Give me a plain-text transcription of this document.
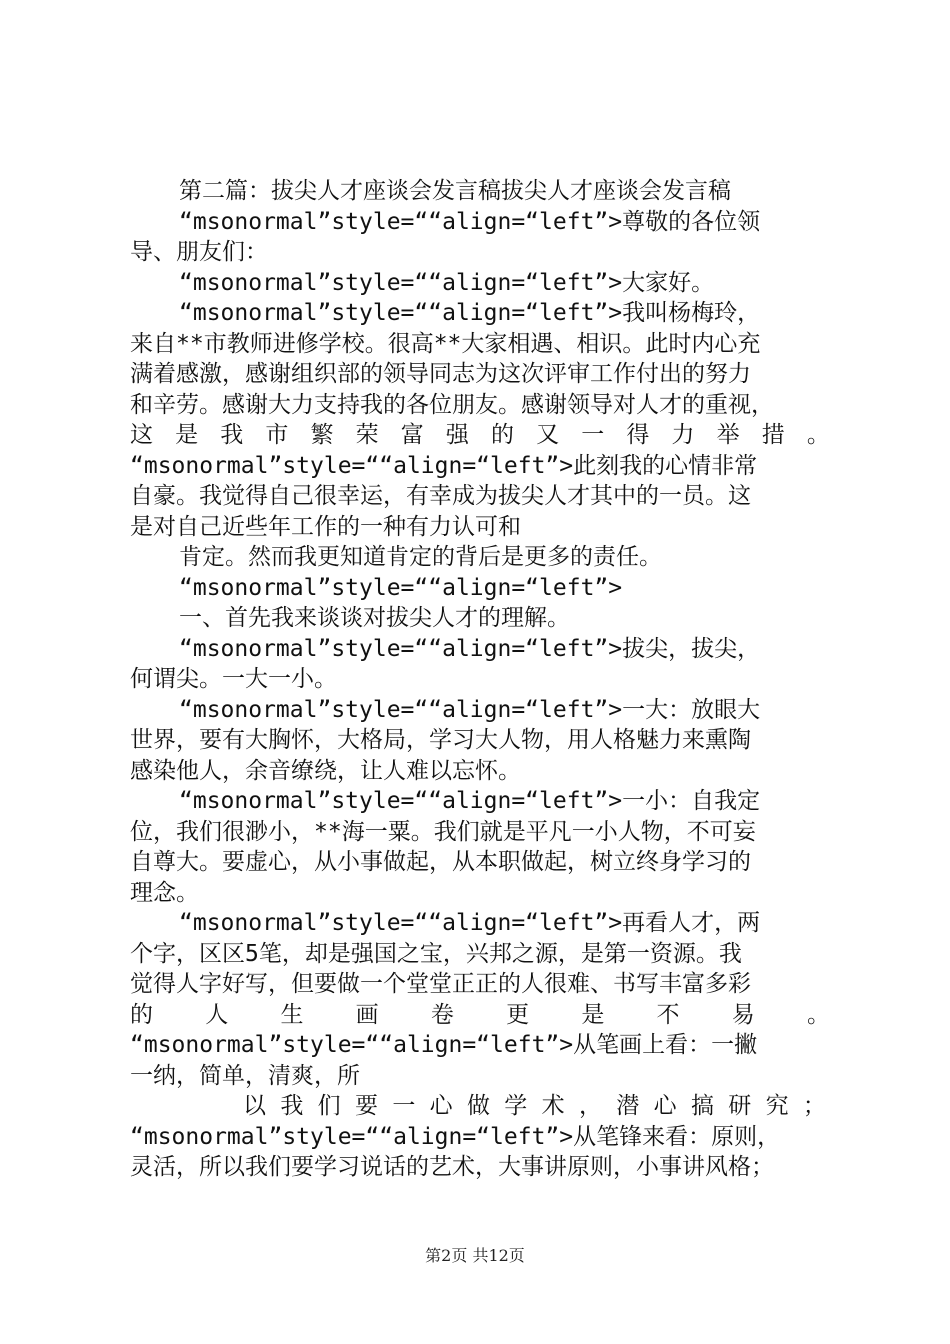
第二篇：拔尖人才座谈会发言稿拔尖人才座谈会发言稿
“msonormal”style=““align=“left”>尊敬的各位领
导、朋友们：
“msonormal”style=““align=“left”>大家好。
“msonormal”style=““align=“left”>我叫杨梅玲，
来自**市教师进修学校。很高**大家相遇、相识。此时内心充
满着感激，感谢组织部的领导同志为这次评审工作付出的努力
和辛劳。感谢大力支持我的各位朋友。感谢领导对人才的重视，
这 是 我 市 繁 荣 富 强 的 又 一 得 力 举 措 。
“msonormal”style=““align=“left”>此刻我的心情非常
自豪。我觉得自己很幸运，有幸成为拔尖人才其中的一员。这
是对自己近些年工作的一种有力认可和
肯定。然而我更知道肯定的背后是更多的责任。
“msonormal”style=““align=“left”>
一、首先我来谈谈对拔尖人才的理解。
“msonormal”style=““align=“left”>拔尖，拔尖，
何谓尖。一大一小。
“msonormal”style=““align=“left”>一大：放眼大
世界，要有大胸怀，大格局，学习大人物，用人格魅力来熏陶
感染他人，余音缭绕，让人难以忘怀。
“msonormal”style=““align=“left”>一小：自我定
位，我们很渺小，**海一粟。我们就是平凡一小人物，不可妄
自尊大。要虚心，从小事做起，从本职做起，树立终身学习的
理念。
“msonormal”style=““align=“left”>再看人才，两
个字，区区5笔，却是强国之宝，兴邦之源，是第一资源。我
觉得人字好写，但要做一个堂堂正正的人很难、书写丰富多彩
的 人 生 画 卷 更 是 不 易 。
“msonormal”style=““align=“left”>从笔画上看：一撇
一纳，简单，清爽，所
以 我 们 要 一 心 做 学 术 ， 潜 心 搞 研 究 ；
“msonormal”style=““align=“left”>从笔锋来看：原则，
灵活，所以我们要学习说话的艺术，大事讲原则，小事讲风格；
第2页 共12页
